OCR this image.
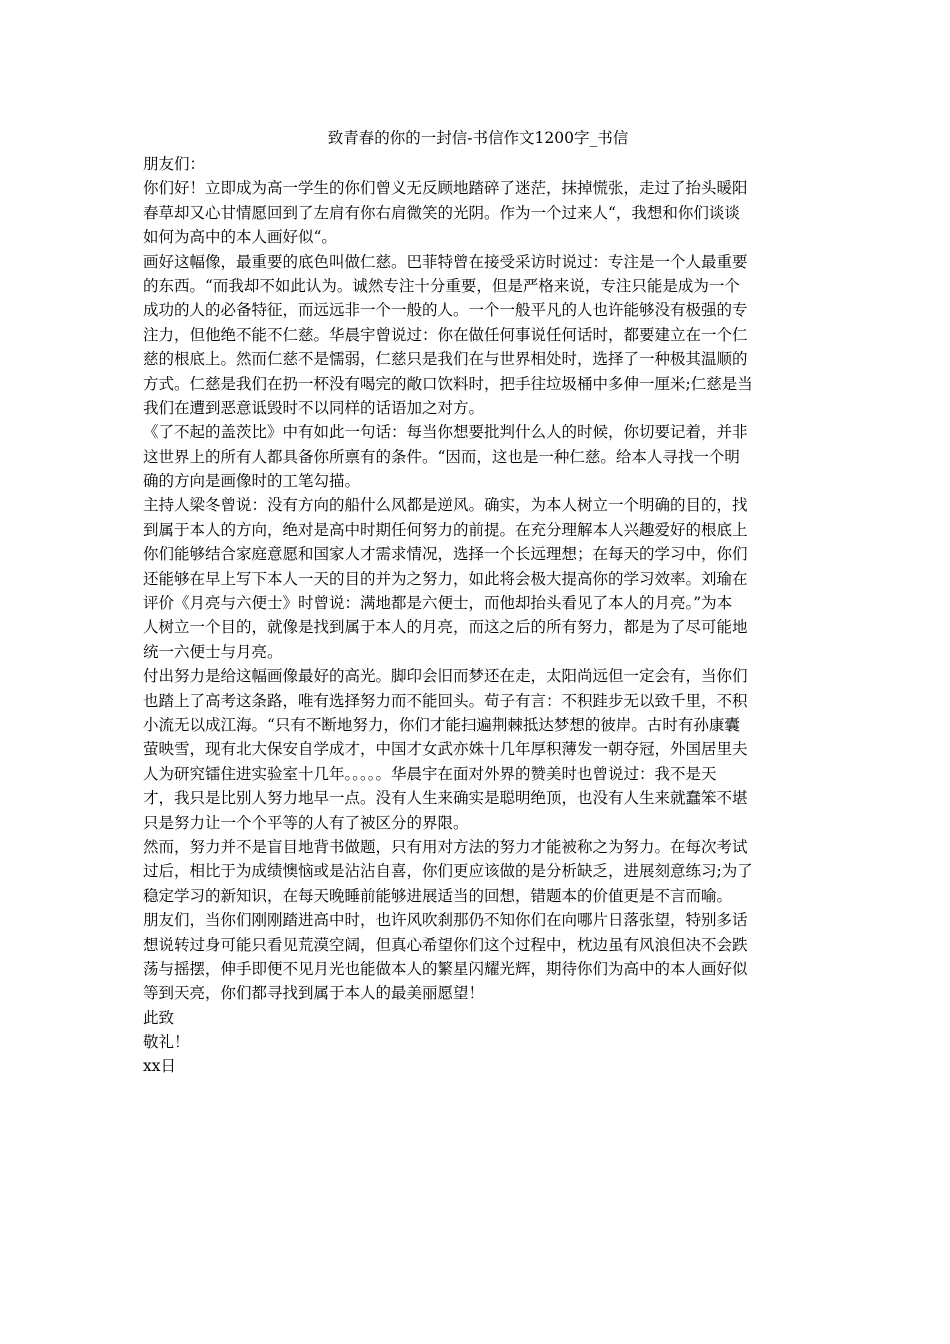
致青春的你的一封信-书信作文1200字_书信
朋友们：
你们好！立即成为高一学生的你们曾义无反顾地踏碎了迷茫，抹掉慌张，走过了抬头暖阳
春草却又心甘情愿回到了左肩有你右肩微笑的光阴。作为一个过来人“，我想和你们谈谈
如何为高中的本人画好似“。
画好这幅像，最重要的底色叫做仁慈。巴菲特曾在接受采访时说过：专注是一个人最重要
的东西。“而我却不如此认为。诚然专注十分重要，但是严格来说，专注只能是成为一个
成功的人的必备特征，而远远非一个一般的人。一个一般平凡的人也许能够没有极强的专
注力，但他绝不能不仁慈。华晨宇曾说过：你在做任何事说任何话时，都要建立在一个仁
慈的根底上。然而仁慈不是懦弱，仁慈只是我们在与世界相处时，选择了一种极其温顺的
方式。仁慈是我们在扔一杯没有喝完的敞口饮料时，把手往垃圾桶中多伸一厘米;仁慈是当
我们在遭到恶意诋毁时不以同样的话语加之对方。
《了不起的盖茨比》中有如此一句话：每当你想要批判什么人的时候，你切要记着，并非
这世界上的所有人都具备你所禀有的条件。“因而，这也是一种仁慈。给本人寻找一个明
确的方向是画像时的工笔勾描。
主持人梁冬曾说：没有方向的船什么风都是逆风。确实，为本人树立一个明确的目的，找
到属于本人的方向，绝对是高中时期任何努力的前提。在充分理解本人兴趣爱好的根底上
你们能够结合家庭意愿和国家人才需求情况，选择一个长远理想；在每天的学习中，你们
还能够在早上写下本人一天的目的并为之努力，如此将会极大提高你的学习效率。刘瑜在
评价《月亮与六便士》时曾说：满地都是六便士，而他却抬头看见了本人的月亮。”为本
人树立一个目的，就像是找到属于本人的月亮，而这之后的所有努力，都是为了尽可能地
统一六便士与月亮。
付出努力是给这幅画像最好的高光。脚印会旧而梦还在走，太阳尚远但一定会有，当你们
也踏上了高考这条路，唯有选择努力而不能回头。荀子有言：不积跬步无以致千里，不积
小流无以成江海。“只有不断地努力，你们才能扫遍荆棘抵达梦想的彼岸。古时有孙康囊
萤映雪，现有北大保安自学成才，中国才女武亦姝十几年厚积薄发一朝夺冠，外国居里夫
人为研究镭住进实验室十几年。。。。。华晨宇在面对外界的赞美时也曾说过：我不是天
才，我只是比别人努力地早一点。没有人生来确实是聪明绝顶，也没有人生来就蠢笨不堪
只是努力让一个个平等的人有了被区分的界限。
然而，努力并不是盲目地背书做题，只有用对方法的努力才能被称之为努力。在每次考试
过后，相比于为成绩懊恼或是沾沾自喜，你们更应该做的是分析缺乏，进展刻意练习;为了
稳定学习的新知识，在每天晚睡前能够进展适当的回想，错题本的价值更是不言而喻。
朋友们，当你们刚刚踏进高中时，也许风吹刹那仍不知你们在向哪片日落张望，特别多话
想说转过身可能只看见荒漠空阔，但真心希望你们这个过程中，枕边虽有风浪但决不会跌
荡与摇摆，伸手即便不见月光也能做本人的繁星闪耀光辉，期待你们为高中的本人画好似
等到天亮，你们都寻找到属于本人的最美丽愿望！
此致
敬礼！
xx日
